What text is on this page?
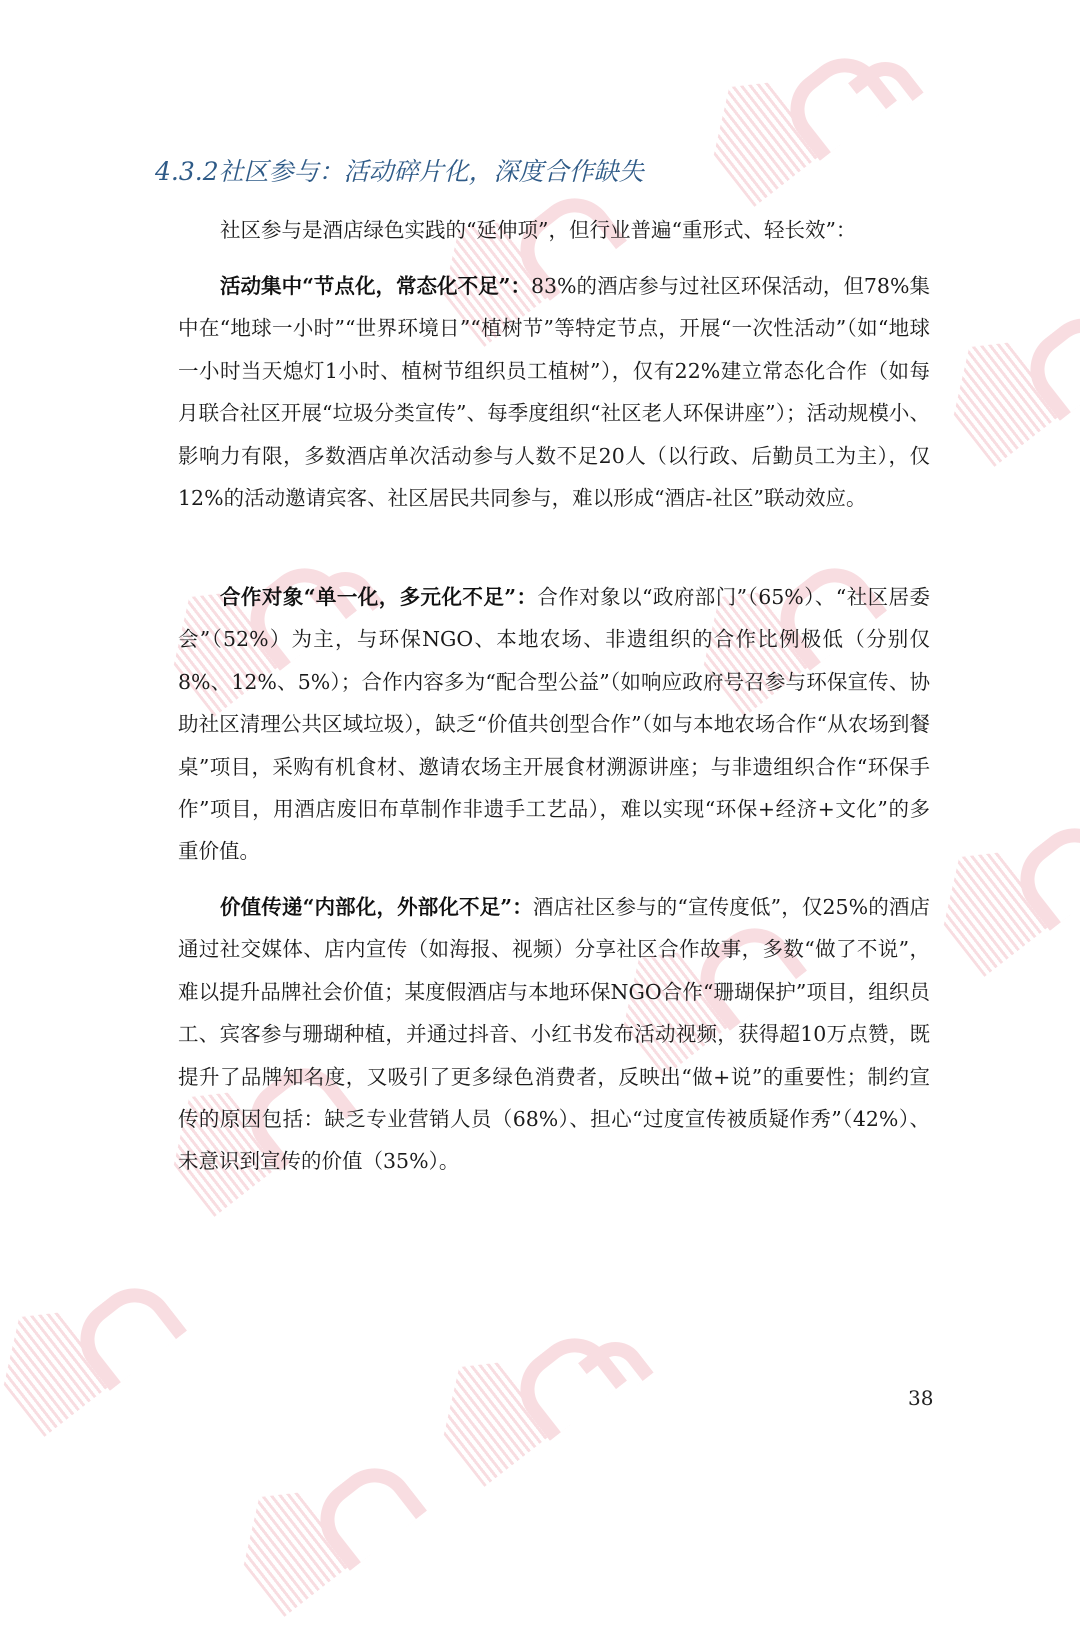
4.3.2社区参与：活动碎片化，深度合作缺失

社区参与是酒店绿色实践的“延伸项”，但行业普遍“重形式、轻长效”：

活动集中“节点化，常态化不足”：83%的酒店参与过社区环保活动，但78%集中在“地球一小时”“世界环境日”“植树节”等特定节点，开展“一次性活动”（如“地球一小时当天熄灯1小时、植树节组织员工植树”），仅有22%建立常态化合作（如每月联合社区开展“垃圾分类宣传”、每季度组织“社区老人环保讲座”）；活动规模小、影响力有限，多数酒店单次活动参与人数不足20人（以行政、后勤员工为主），仅12%的活动邀请宾客、社区居民共同参与，难以形成“酒店-社区”联动效应。

合作对象“单一化，多元化不足”：合作对象以“政府部门”（65%）、“社区居委会”（52%）为主，与环保NGO、本地农场、非遗组织的合作比例极低（分别仅8%、12%、5%）；合作内容多为“配合型公益”（如响应政府号召参与环保宣传、协助社区清理公共区域垃圾），缺乏“价值共创型合作”（如与本地农场合作“从农场到餐桌”项目，采购有机食材、邀请农场主开展食材溯源讲座；与非遗组织合作“环保手作”项目，用酒店废旧布草制作非遗手工艺品），难以实现“环保+经济+文化”的多重价值。

价值传递“内部化，外部化不足”：酒店社区参与的“宣传度低”，仅25%的酒店通过社交媒体、店内宣传（如海报、视频）分享社区合作故事，多数“做了不说”，难以提升品牌社会价值；某度假酒店与本地环保NGO合作“珊瑚保护”项目，组织员工、宾客参与珊瑚种植，并通过抖音、小红书发布活动视频，获得超10万点赞，既提升了品牌知名度，又吸引了更多绿色消费者，反映出“做+说”的重要性；制约宣传的原因包括：缺乏专业营销人员（68%）、担心“过度宣传被质疑作秀”（42%）、未意识到宣传的价值（35%）。

38
